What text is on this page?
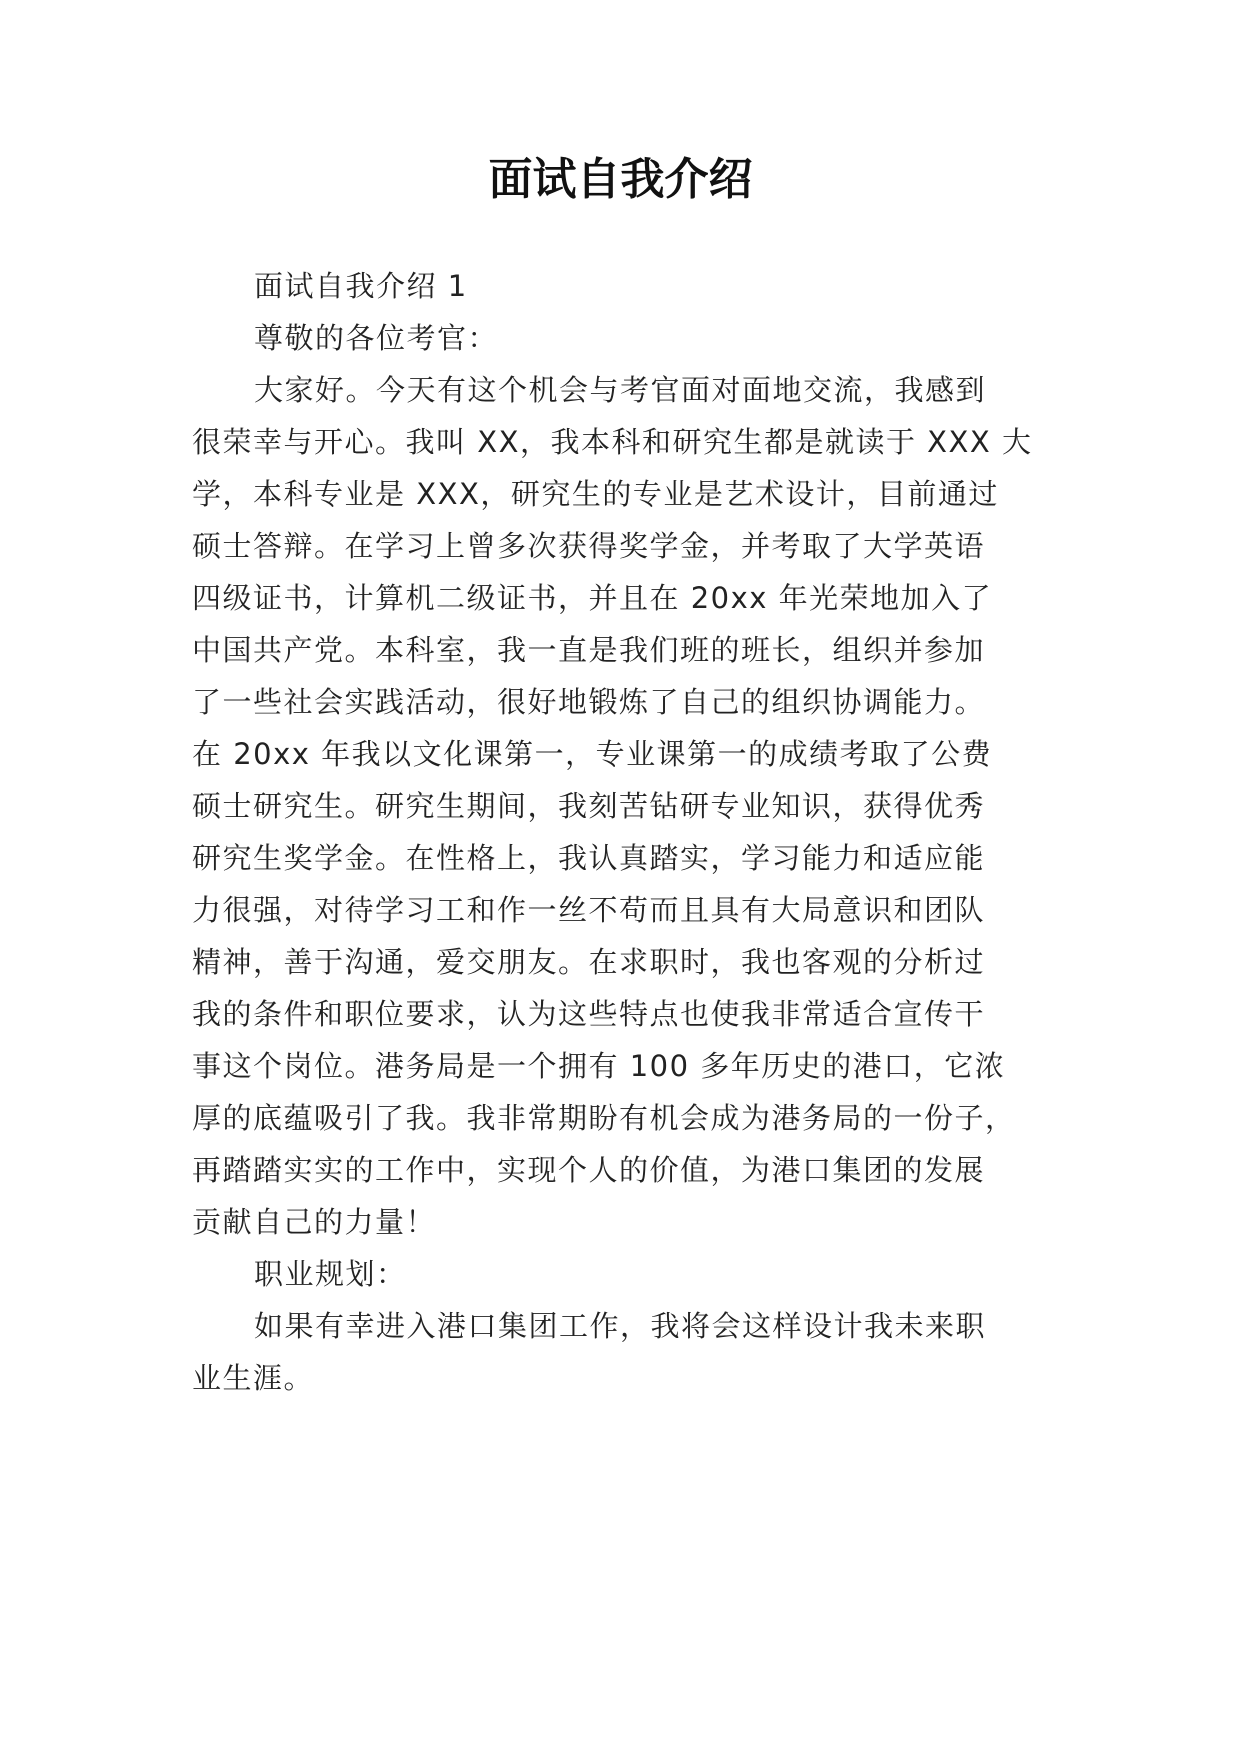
面试自我介绍

面试自我介绍 1

尊敬的各位考官：

大家好。今天有这个机会与考官面对面地交流，我感到

很荣幸与开心。我叫 XX，我本科和研究生都是就读于 XXX 大

学，本科专业是 XXX，研究生的专业是艺术设计，目前通过

硕士答辩。在学习上曾多次获得奖学金，并考取了大学英语

四级证书，计算机二级证书，并且在 20xx 年光荣地加入了

中国共产党。本科室，我一直是我们班的班长，组织并参加

了一些社会实践活动，很好地锻炼了自己的组织协调能力。

在 20xx 年我以文化课第一，专业课第一的成绩考取了公费

硕士研究生。研究生期间，我刻苦钻研专业知识，获得优秀

研究生奖学金。在性格上，我认真踏实，学习能力和适应能

力很强，对待学习工和作一丝不苟而且具有大局意识和团队

精神，善于沟通，爱交朋友。在求职时，我也客观的分析过

我的条件和职位要求，认为这些特点也使我非常适合宣传干

事这个岗位。港务局是一个拥有 100 多年历史的港口，它浓

厚的底蕴吸引了我。我非常期盼有机会成为港务局的一份子，

再踏踏实实的工作中，实现个人的价值，为港口集团的发展

贡献自己的力量！

职业规划：

如果有幸进入港口集团工作，我将会这样设计我未来职

业生涯。
